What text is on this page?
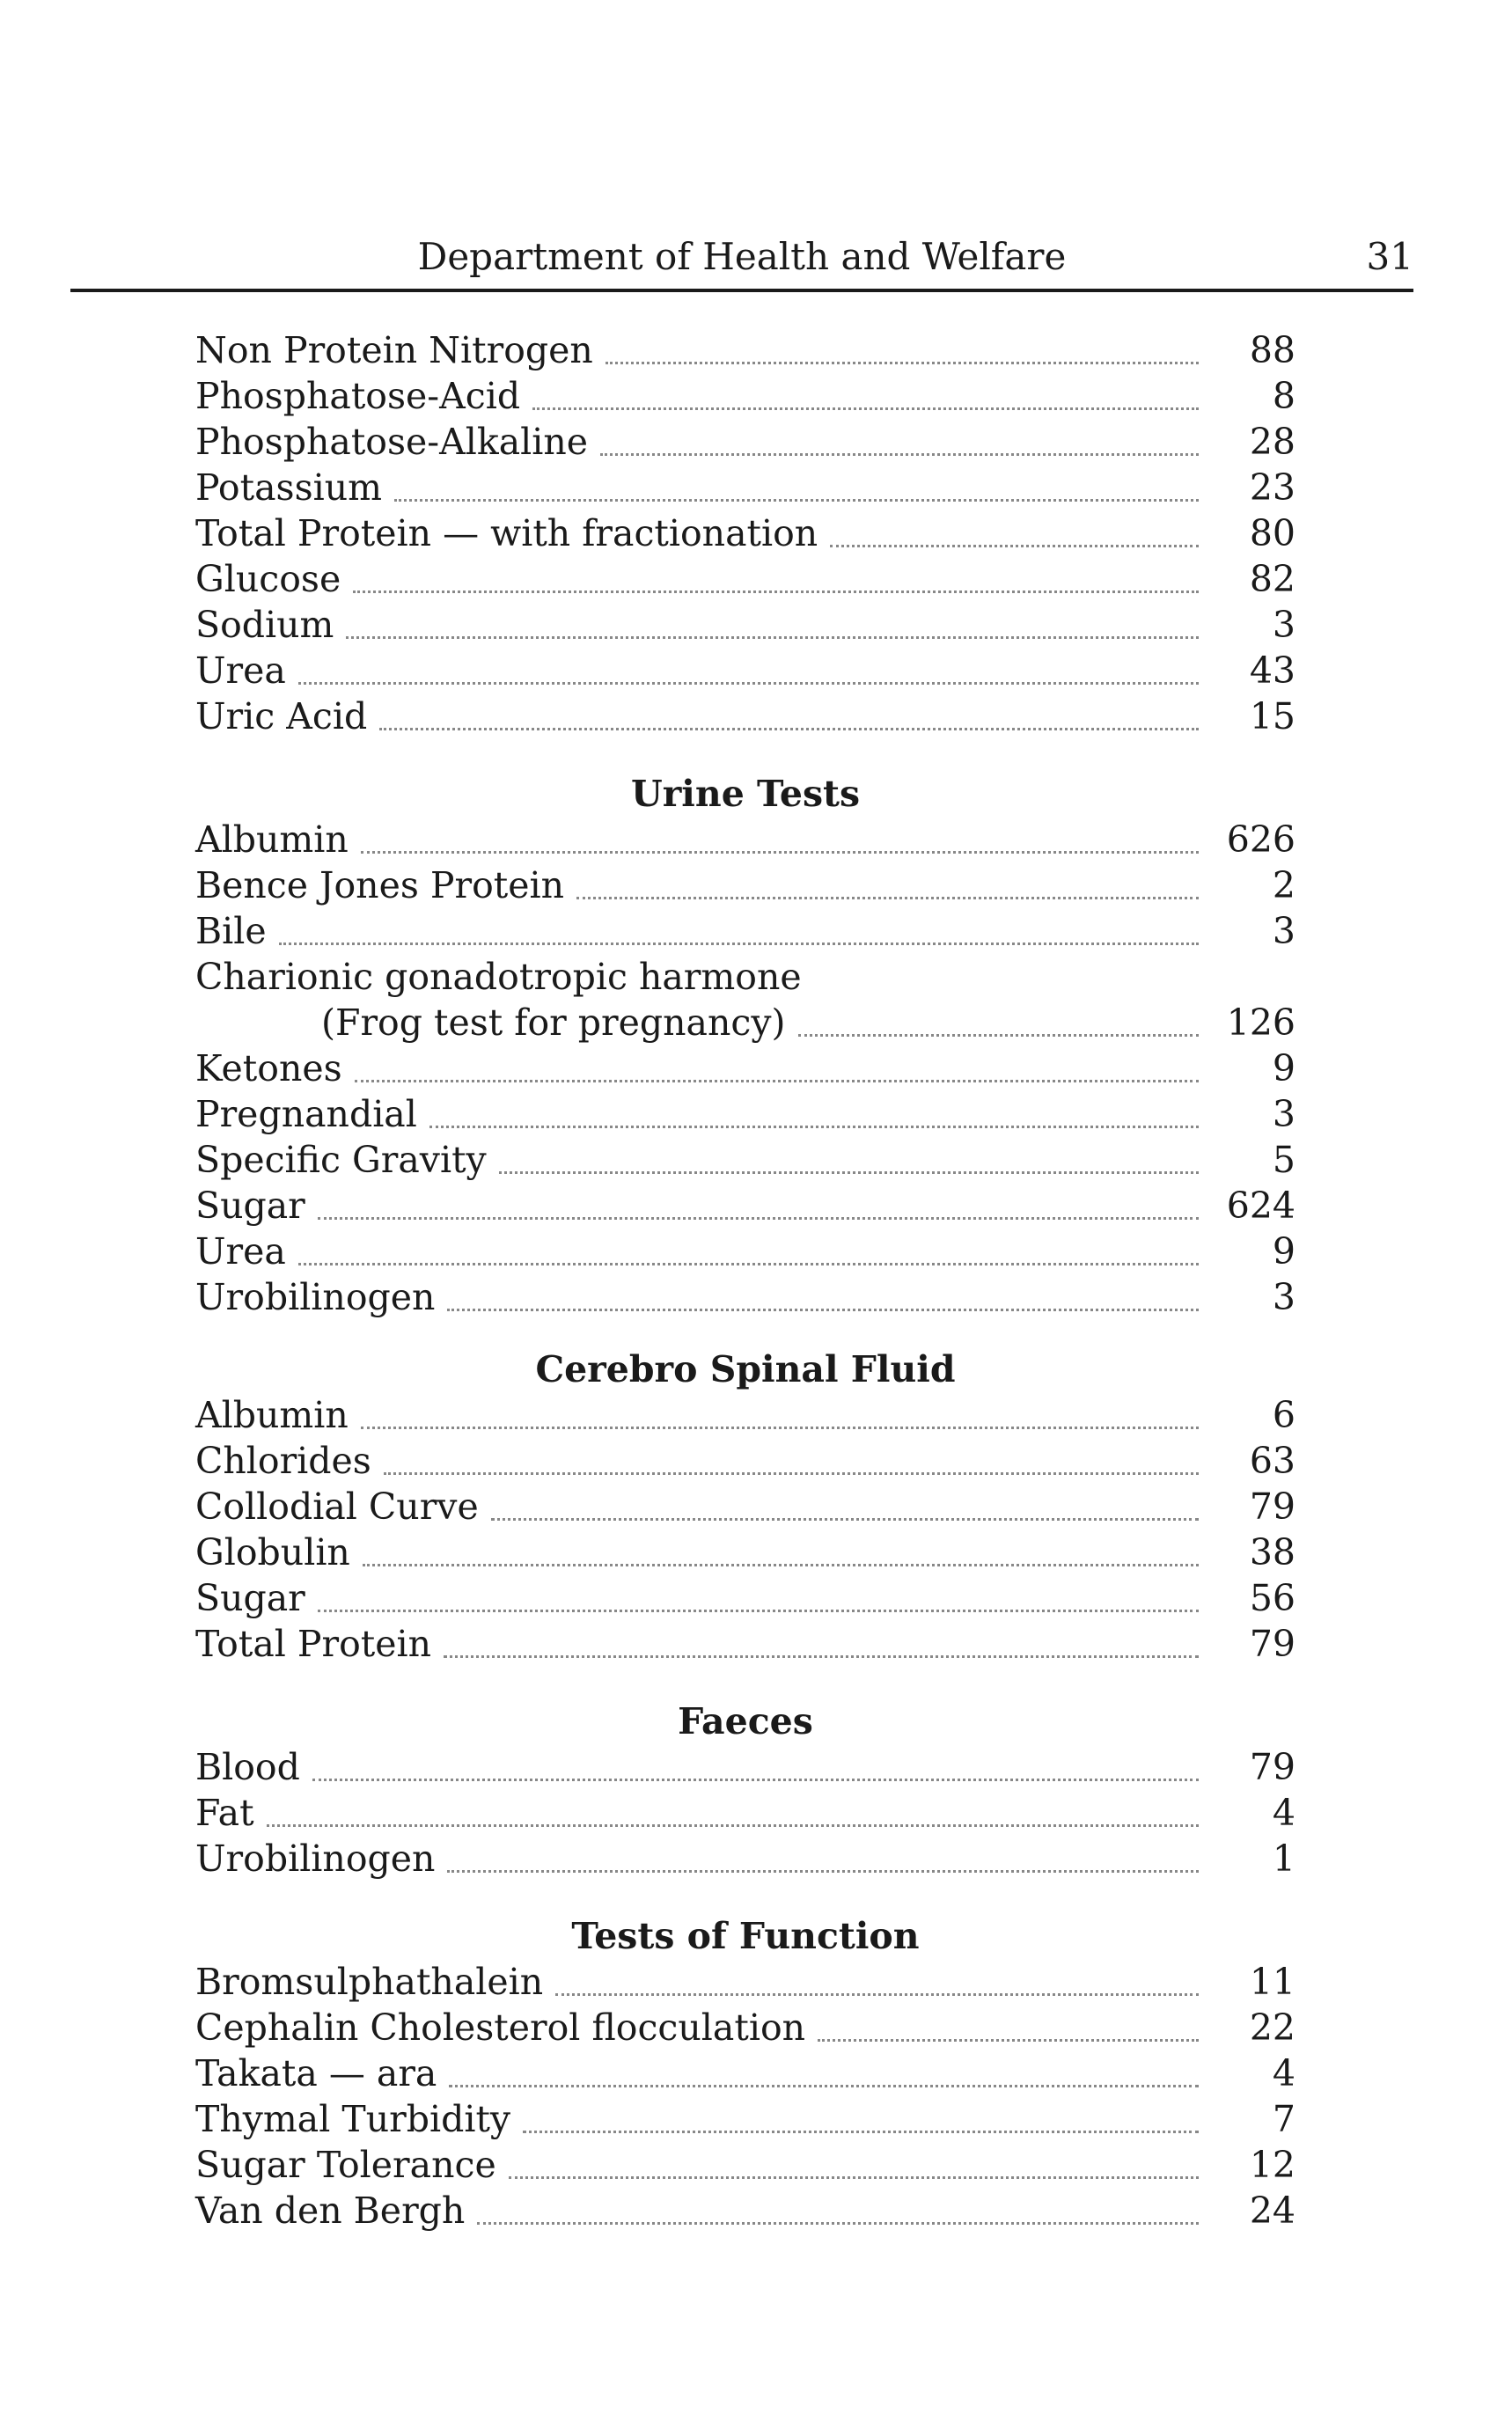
Department of Health and Welfare	31
Non Protein Nitrogen	88
Phosphatose-Acid	8
Phosphatose-Alkaline	28
Potassium	23
Total Protein — with fractionation	80
Glucose	82
Sodium	3
Urea	43
Uric Acid	15
Urine Tests
Albumin	626
Bence Jones Protein	2
Bile	3
Charionic gonadotropic harmone
(Frog test for pregnancy)	126
Ketones	9
Pregnandial	3
Specific Gravity	5
Sugar	624
Urea	9
Urobilinogen	3
Cerebro Spinal Fluid
Albumin	6
Chlorides	63
Collodial Curve	79
Globulin	38
Sugar	56
Total Protein	79
Faeces
Blood	79
Fat	4
Urobilinogen	1
Tests of Function
Bromsulphathalein	11
Cephalin Cholesterol flocculation	22
Takata — ara	4
Thymal Turbidity	7
Sugar Tolerance	12
Van den Bergh	24
